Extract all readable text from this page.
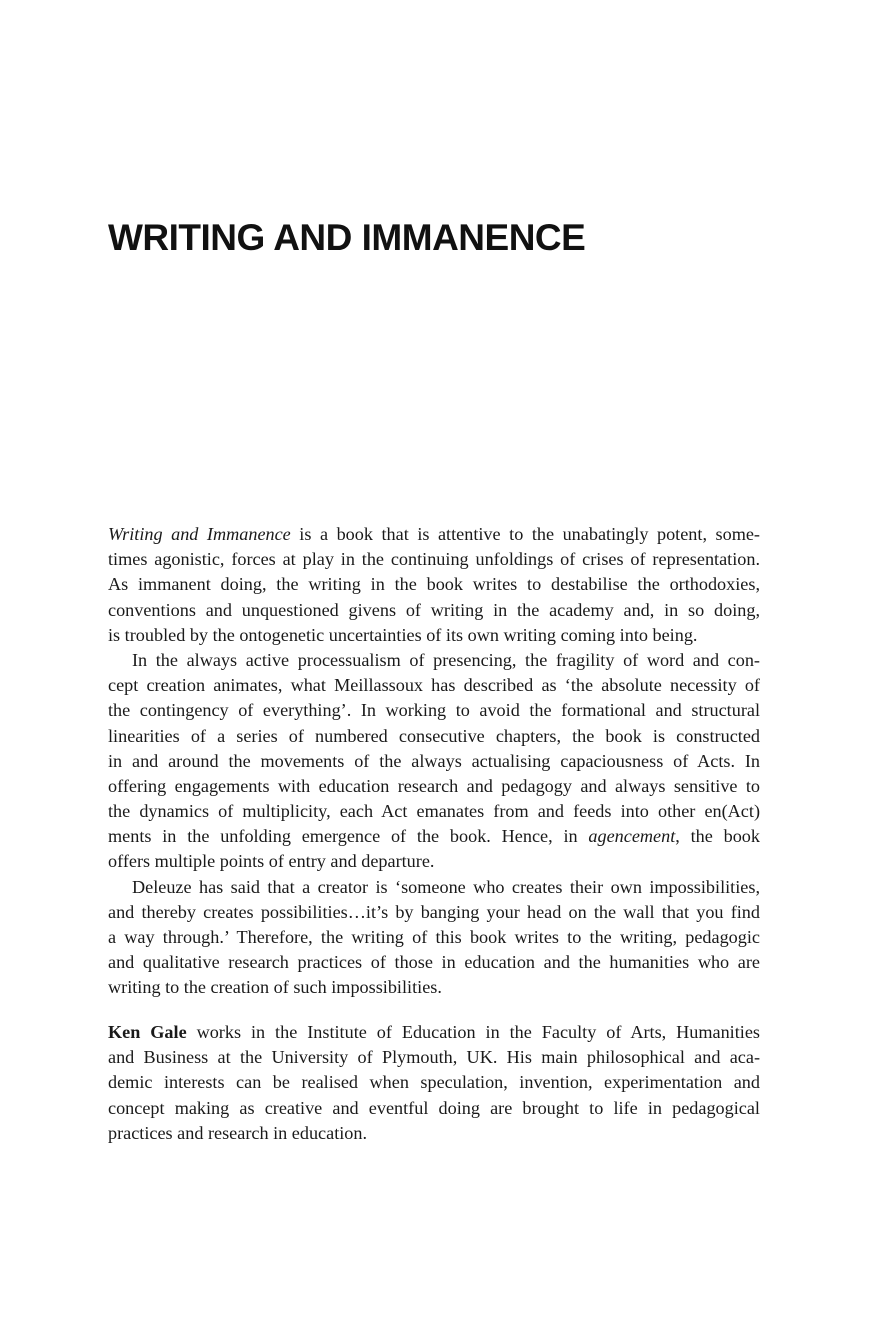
WRITING AND IMMANENCE
Writing and Immanence is a book that is attentive to the unabatingly potent, some-
times agonistic, forces at play in the continuing unfoldings of crises of representation.
As immanent doing, the writing in the book writes to destabilise the orthodoxies,
conventions and unquestioned givens of writing in the academy and, in so doing,
is troubled by the ontogenetic uncertainties of its own writing coming into being.
In the always active processualism of presencing, the fragility of word and con-
cept creation animates, what Meillassoux has described as ‘the absolute necessity of
the contingency of everything’. In working to avoid the formational and structural
linearities of a series of numbered consecutive chapters, the book is constructed
in and around the movements of the always actualising capaciousness of Acts. In
offering engagements with education research and pedagogy and always sensitive to
the dynamics of multiplicity, each Act emanates from and feeds into other en(Act)
ments in the unfolding emergence of the book. Hence, in agencement, the book
offers multiple points of entry and departure.
Deleuze has said that a creator is ‘someone who creates their own impossibilities,
and thereby creates possibilities…it’s by banging your head on the wall that you find
a way through.’ Therefore, the writing of this book writes to the writing, pedagogic
and qualitative research practices of those in education and the humanities who are
writing to the creation of such impossibilities.
Ken Gale works in the Institute of Education in the Faculty of Arts, Humanities
and Business at the University of Plymouth, UK. His main philosophical and aca-
demic interests can be realised when speculation, invention, experimentation and
concept making as creative and eventful doing are brought to life in pedagogical
practices and research in education.
